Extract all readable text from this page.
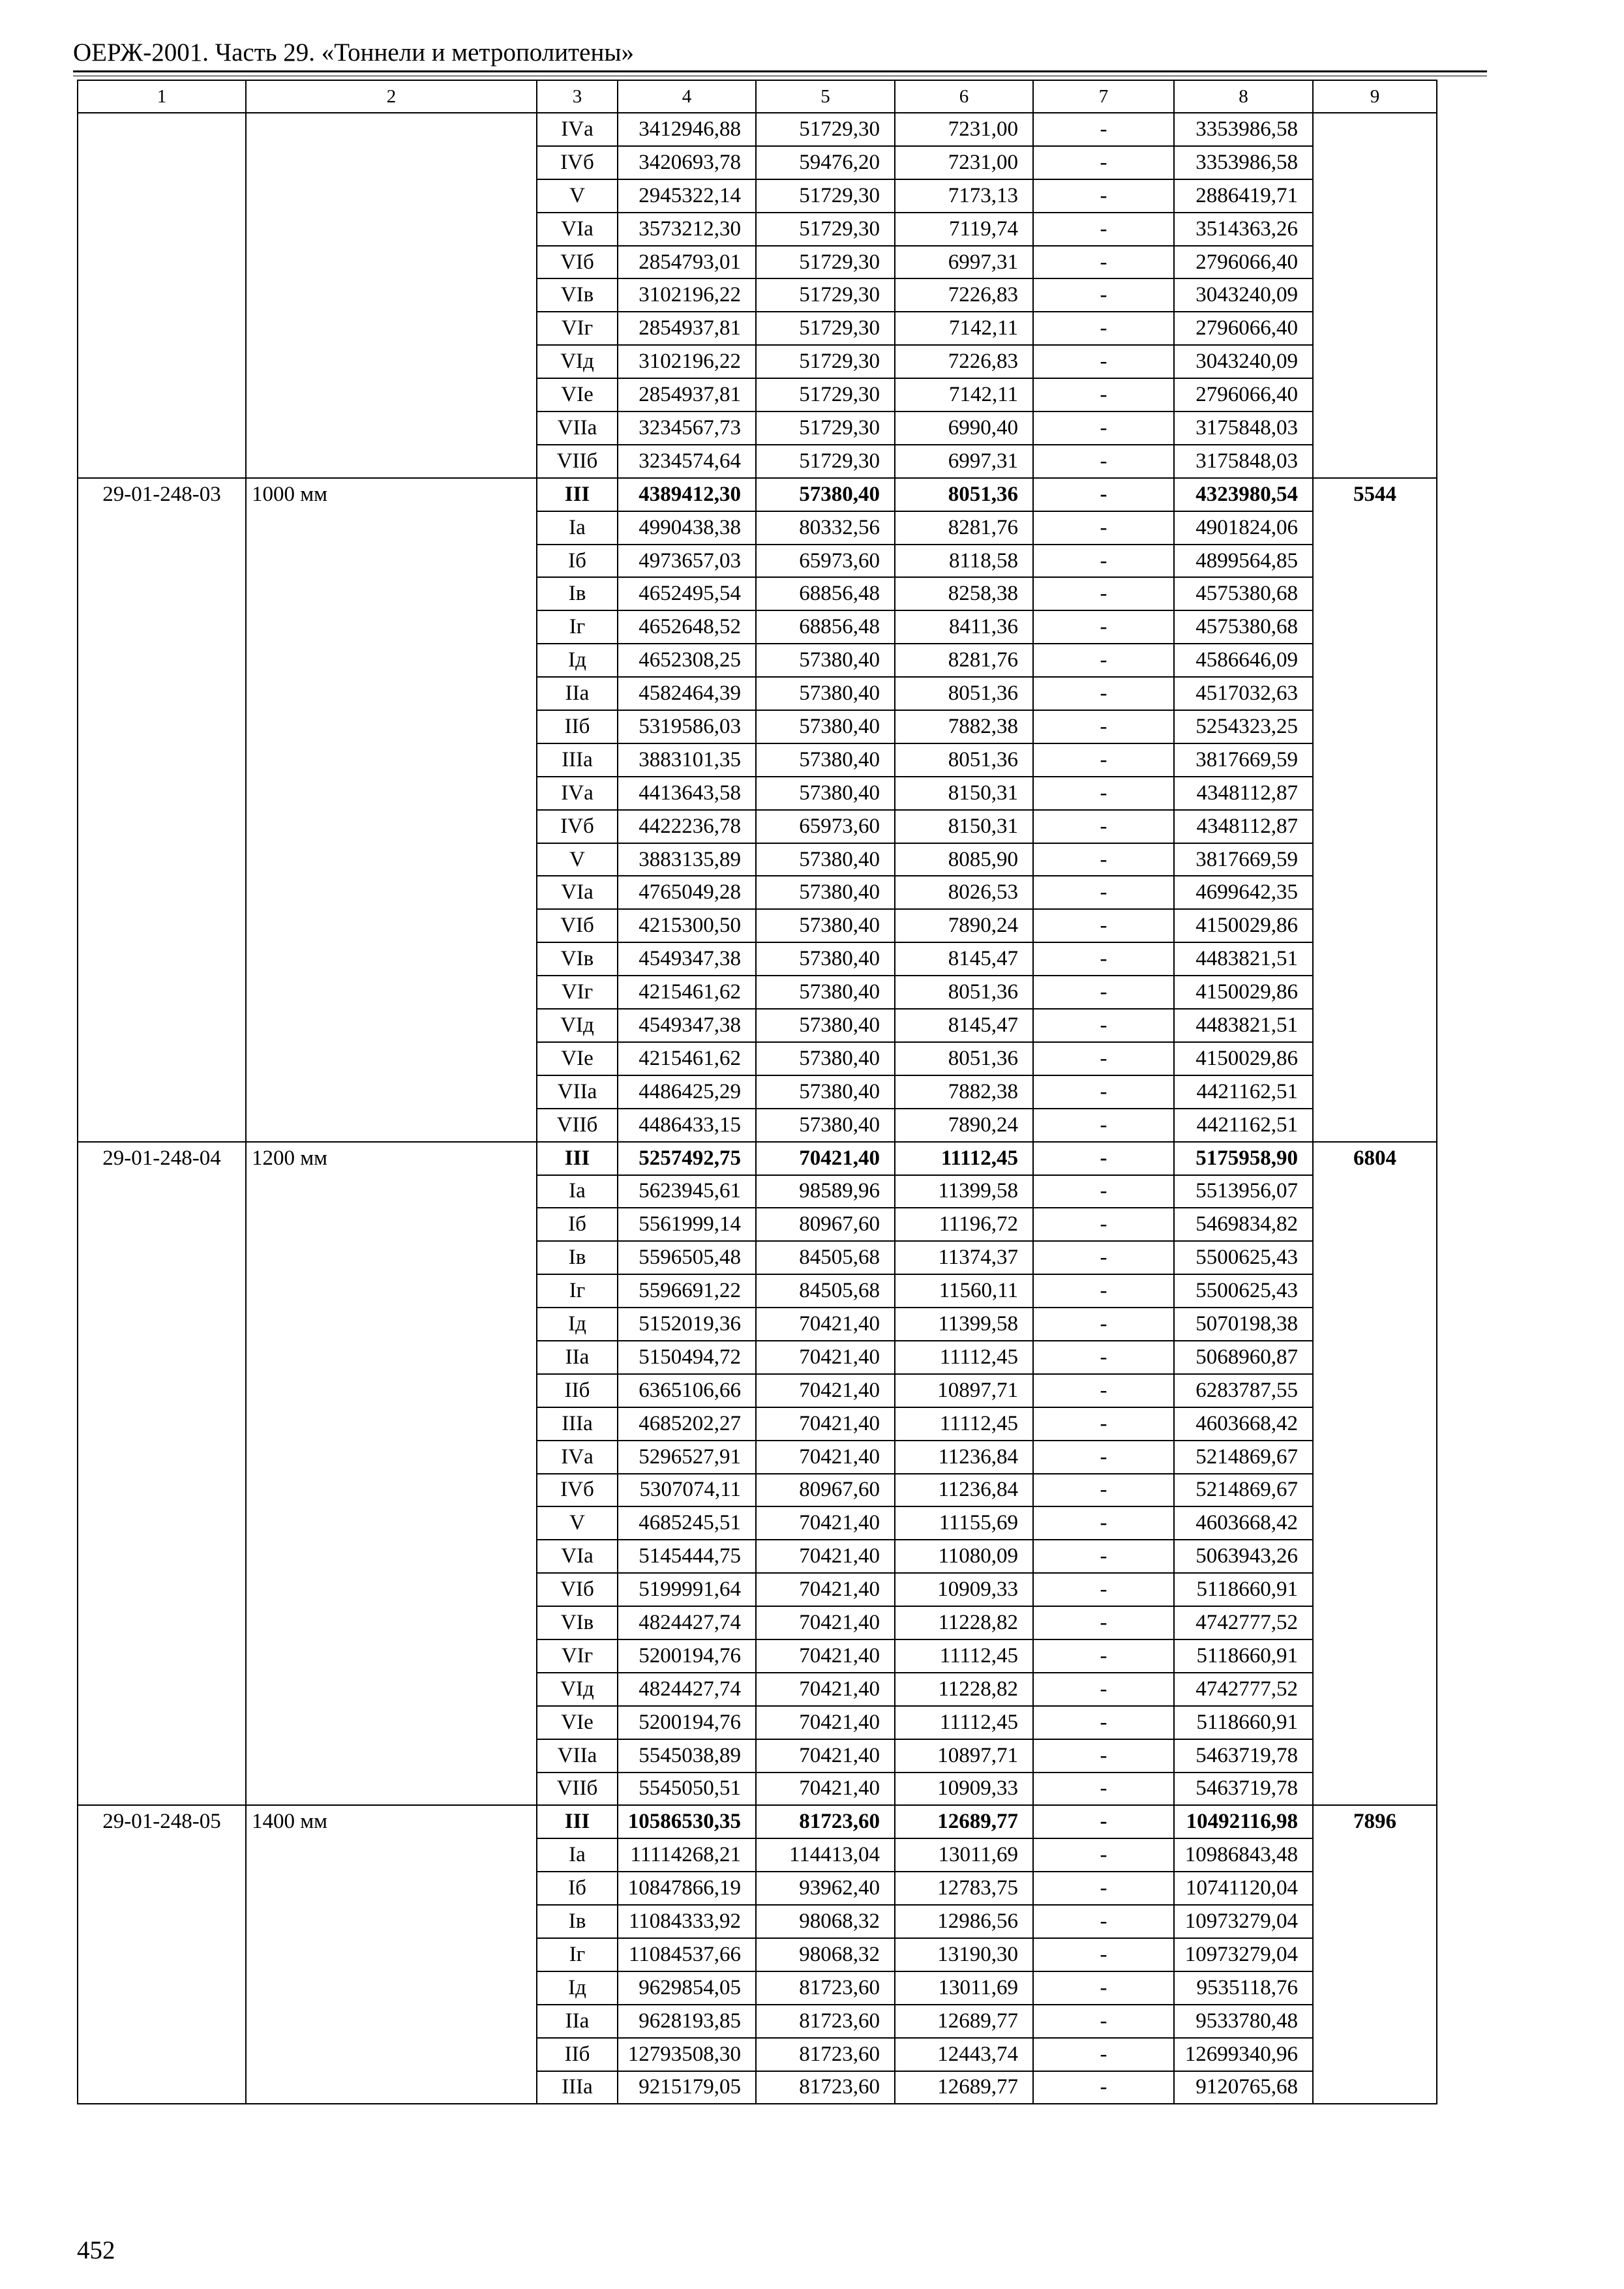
ОЕРЖ-2001. Часть 29. «Тоннели и метрополитены»
1	2	3	4	5	6	7	8	9
		IVа	3412946,88	51729,30	7231,00	-	3353986,58	
		IVб	3420693,78	59476,20	7231,00	-	3353986,58	
		V	2945322,14	51729,30	7173,13	-	2886419,71	
		VIа	3573212,30	51729,30	7119,74	-	3514363,26	
		VIб	2854793,01	51729,30	6997,31	-	2796066,40	
		VIв	3102196,22	51729,30	7226,83	-	3043240,09	
		VIг	2854937,81	51729,30	7142,11	-	2796066,40	
		VIд	3102196,22	51729,30	7226,83	-	3043240,09	
		VIе	2854937,81	51729,30	7142,11	-	2796066,40	
		VIIа	3234567,73	51729,30	6990,40	-	3175848,03	
		VIIб	3234574,64	51729,30	6997,31	-	3175848,03	
29-01-248-03	1000 мм	III	4389412,30	57380,40	8051,36	-	4323980,54	5544
		Iа	4990438,38	80332,56	8281,76	-	4901824,06	
		Iб	4973657,03	65973,60	8118,58	-	4899564,85	
		Iв	4652495,54	68856,48	8258,38	-	4575380,68	
		Iг	4652648,52	68856,48	8411,36	-	4575380,68	
		Iд	4652308,25	57380,40	8281,76	-	4586646,09	
		IIа	4582464,39	57380,40	8051,36	-	4517032,63	
		IIб	5319586,03	57380,40	7882,38	-	5254323,25	
		IIIа	3883101,35	57380,40	8051,36	-	3817669,59	
		IVа	4413643,58	57380,40	8150,31	-	4348112,87	
		IVб	4422236,78	65973,60	8150,31	-	4348112,87	
		V	3883135,89	57380,40	8085,90	-	3817669,59	
		VIа	4765049,28	57380,40	8026,53	-	4699642,35	
		VIб	4215300,50	57380,40	7890,24	-	4150029,86	
		VIв	4549347,38	57380,40	8145,47	-	4483821,51	
		VIг	4215461,62	57380,40	8051,36	-	4150029,86	
		VIд	4549347,38	57380,40	8145,47	-	4483821,51	
		VIе	4215461,62	57380,40	8051,36	-	4150029,86	
		VIIа	4486425,29	57380,40	7882,38	-	4421162,51	
		VIIб	4486433,15	57380,40	7890,24	-	4421162,51	
29-01-248-04	1200 мм	III	5257492,75	70421,40	11112,45	-	5175958,90	6804
		Iа	5623945,61	98589,96	11399,58	-	5513956,07	
		Iб	5561999,14	80967,60	11196,72	-	5469834,82	
		Iв	5596505,48	84505,68	11374,37	-	5500625,43	
		Iг	5596691,22	84505,68	11560,11	-	5500625,43	
		Iд	5152019,36	70421,40	11399,58	-	5070198,38	
		IIа	5150494,72	70421,40	11112,45	-	5068960,87	
		IIб	6365106,66	70421,40	10897,71	-	6283787,55	
		IIIа	4685202,27	70421,40	11112,45	-	4603668,42	
		IVа	5296527,91	70421,40	11236,84	-	5214869,67	
		IVб	5307074,11	80967,60	11236,84	-	5214869,67	
		V	4685245,51	70421,40	11155,69	-	4603668,42	
		VIа	5145444,75	70421,40	11080,09	-	5063943,26	
		VIб	5199991,64	70421,40	10909,33	-	5118660,91	
		VIв	4824427,74	70421,40	11228,82	-	4742777,52	
		VIг	5200194,76	70421,40	11112,45	-	5118660,91	
		VIд	4824427,74	70421,40	11228,82	-	4742777,52	
		VIе	5200194,76	70421,40	11112,45	-	5118660,91	
		VIIа	5545038,89	70421,40	10897,71	-	5463719,78	
		VIIб	5545050,51	70421,40	10909,33	-	5463719,78	
29-01-248-05	1400 мм	III	10586530,35	81723,60	12689,77	-	10492116,98	7896
		Iа	11114268,21	114413,04	13011,69	-	10986843,48	
		Iб	10847866,19	93962,40	12783,75	-	10741120,04	
		Iв	11084333,92	98068,32	12986,56	-	10973279,04	
		Iг	11084537,66	98068,32	13190,30	-	10973279,04	
		Iд	9629854,05	81723,60	13011,69	-	9535118,76	
		IIа	9628193,85	81723,60	12689,77	-	9533780,48	
		IIб	12793508,30	81723,60	12443,74	-	12699340,96	
		IIIа	9215179,05	81723,60	12689,77	-	9120765,68	
452
